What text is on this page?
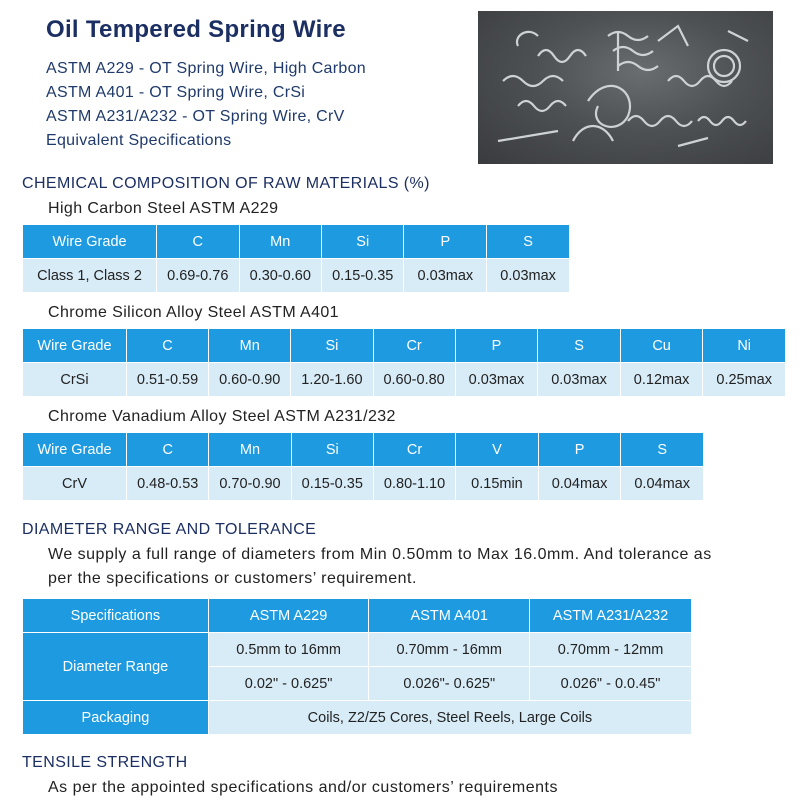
Oil Tempered Spring Wire
ASTM A229 - OT Spring Wire, High Carbon
ASTM A401 - OT Spring Wire, CrSi
ASTM A231/A232 - OT Spring Wire, CrV
Equivalent Specifications
CHEMICAL COMPOSITION OF RAW MATERIALS (%)
High Carbon Steel ASTM A229
Wire Grade	C	Mn	Si	P	S
Class 1, Class 2	0.69-0.76	0.30-0.60	0.15-0.35	0.03max	0.03max
Chrome Silicon Alloy Steel ASTM A401
Wire Grade	C	Mn	Si	Cr	P	S	Cu	Ni
CrSi	0.51-0.59	0.60-0.90	1.20-1.60	0.60-0.80	0.03max	0.03max	0.12max	0.25max
Chrome Vanadium Alloy Steel ASTM A231/232
Wire Grade	C	Mn	Si	Cr	V	P	S
CrV	0.48-0.53	0.70-0.90	0.15-0.35	0.80-1.10	0.15min	0.04max	0.04max
DIAMETER RANGE AND TOLERANCE
We supply a full range of diameters from Min 0.50mm to Max 16.0mm. And tolerance as
per the specifications or customers’ requirement.
Specifications	ASTM A229	ASTM A401	ASTM A231/A232
Diameter Range	0.5mm to 16mm	0.70mm - 16mm	0.70mm - 12mm
	0.02" - 0.625"	0.026"- 0.625"	0.026" - 0.0.45"
Packaging	Coils, Z2/Z5 Cores, Steel Reels, Large Coils		
TENSILE STRENGTH
As per the appointed specifications and/or customers’ requirements
